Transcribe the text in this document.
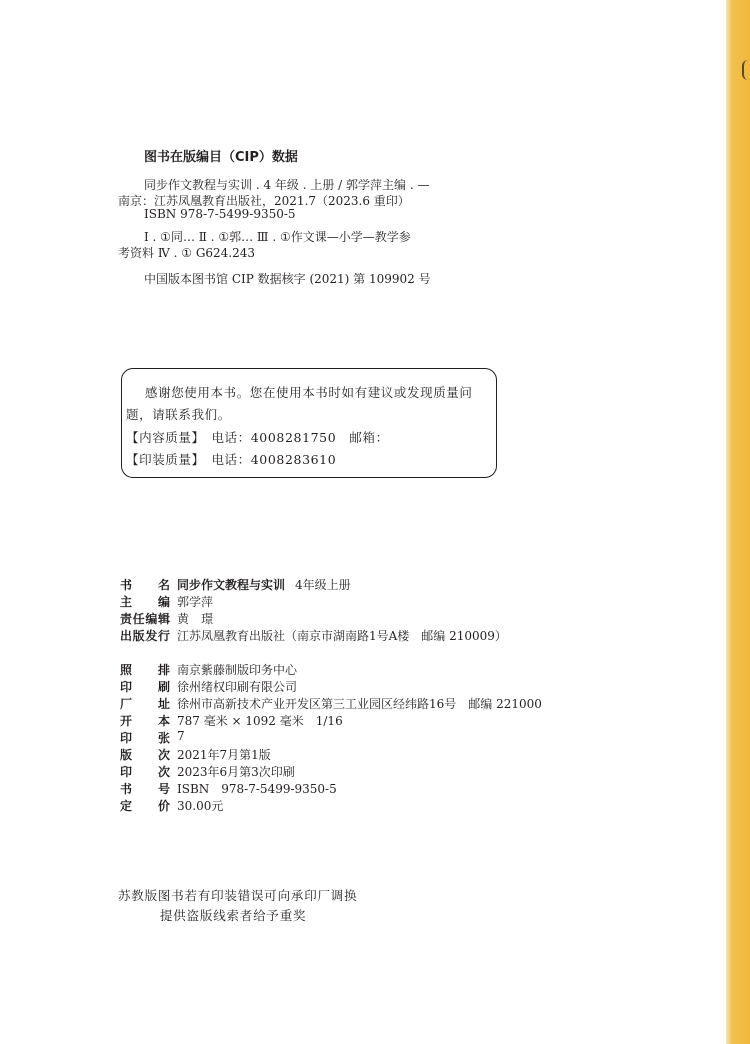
图书在版编目（CIP）数据
同步作文教程与实训 . 4 年级 . 上册 / 郭学萍主编 . —
南京：江苏凤凰教育出版社，2021.7（2023.6 重印）
ISBN 978-7-5499-9350-5
Ⅰ . ①同… Ⅱ . ①郭… Ⅲ . ①作文课—小学—教学参
考资料 Ⅳ . ① G624.243
中国版本图书馆 CIP 数据核字 (2021) 第 109902 号
感谢您使用本书。您在使用本书时如有建议或发现质量问
题，请联系我们。
【内容质量】　电话：4008281750　邮箱：
【印装质量】　电话：4008283610
书　名 同步作文教程与实训 4年级上册
主　编 郭学萍
责任编辑 黄　璟
出版发行 江苏凤凰教育出版社（南京市湖南路1号A楼　邮编 210009）
照　排 南京紫藤制版印务中心
印　刷 徐州绪权印刷有限公司
厂　址 徐州市高新技术产业开发区第三工业园区经纬路16号　邮编 221000
开　本 787 毫米 × 1092 毫米　1/16
印　张 7
版　次 2021年7月第1版
印　次 2023年6月第3次印刷
书　号 ISBN　978-7-5499-9350-5
定　价 30.00元
苏教版图书若有印装错误可向承印厂调换
提供盗版线索者给予重奖
